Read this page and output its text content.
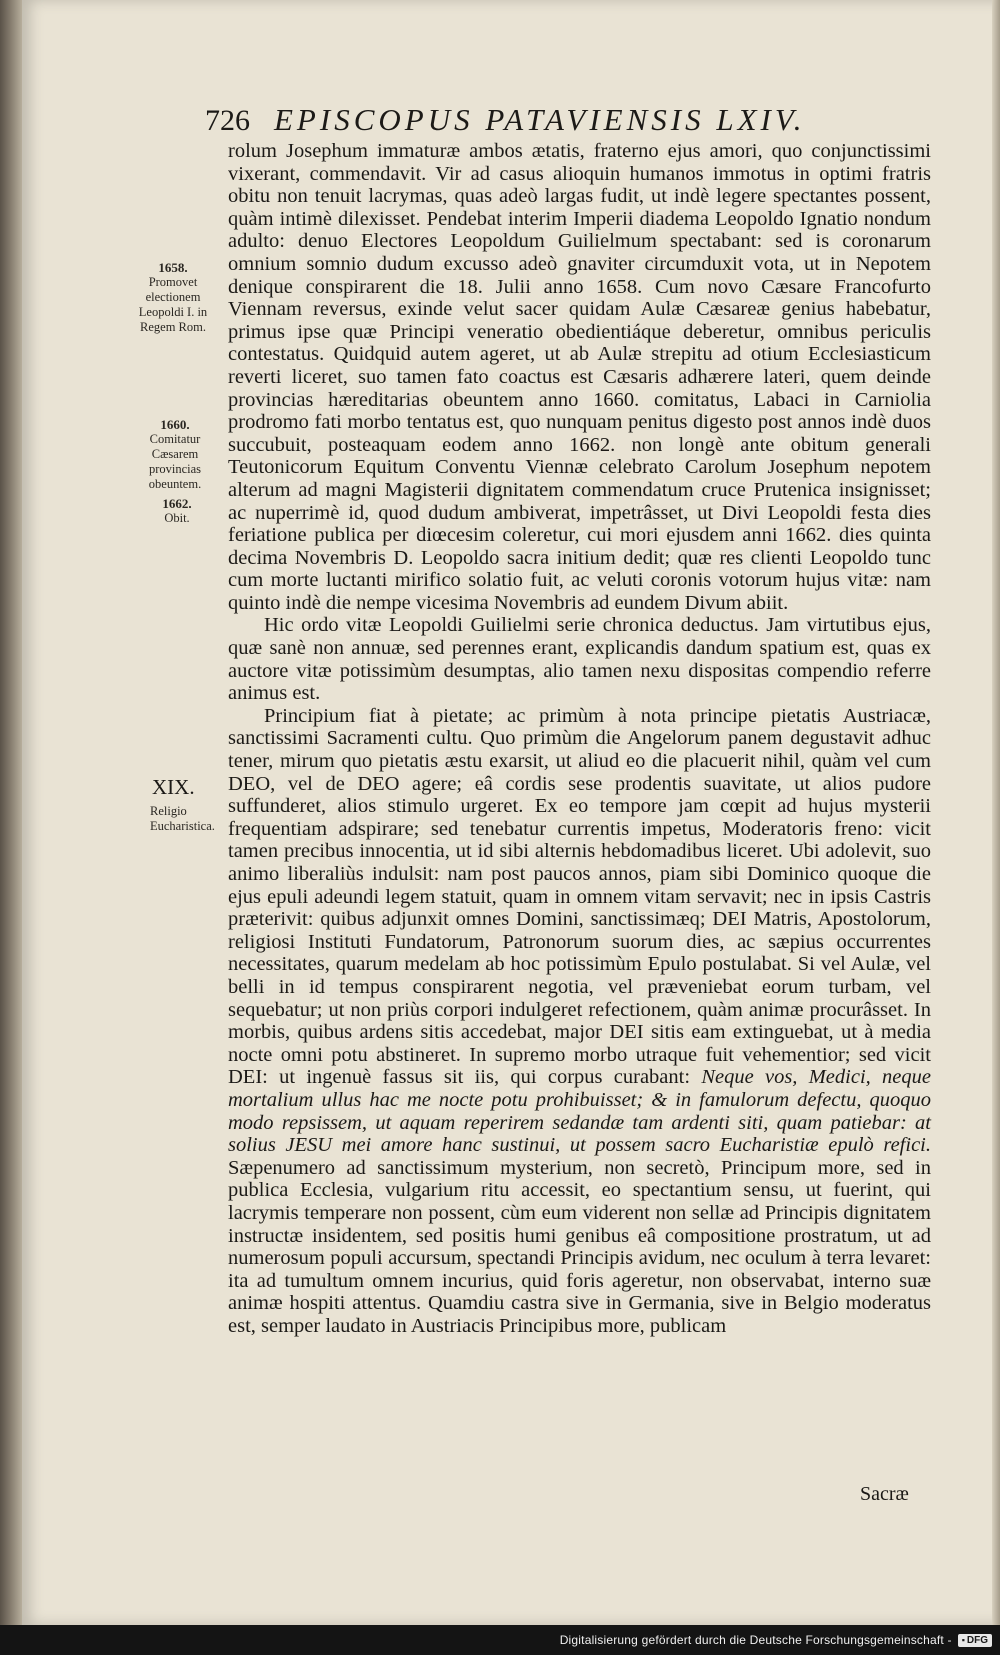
726 EPISCOPUS PATAVIENSIS LXIV.
1658.
Promovet electionem Leopoldi I. in Regem Rom.
1660.
Comitatur Cæsarem provincias obeuntem.
1662.
Obit.
XIX.
Religio Eucharistica.

rolum Josephum immaturæ ambos ætatis, fraterno ejus amori, quo conjunctissimi vixerant, commendavit. Vir ad casus alioquin humanos immotus in optimi fratris obitu non tenuit lacrymas, quas adeò largas fudit, ut indè legere spectantes possent, quàm intimè dilexisset. Pendebat interim Imperii diadema Leopoldo Ignatio nondum adulto: denuo Electores Leopoldum Guilielmum spectabant: sed is coronarum omnium somnio dudum excusso adeò gnaviter circumduxit vota, ut in Nepotem denique conspirarent die 18. Julii anno 1658. Cum novo Cæsare Francofurto Viennam reversus, exinde velut sacer quidam Aulæ Cæsareæ genius habebatur, primus ipse quæ Principi veneratio obedientiáque deberetur, omnibus periculis contestatus. Quidquid autem ageret, ut ab Aulæ strepitu ad otium Ecclesiasticum reverti liceret, suo tamen fato coactus est Cæsaris adhærere lateri, quem deinde provincias hæreditarias obeuntem anno 1660. comitatus, Labaci in Carniolia prodromo fati morbo tentatus est, quo nunquam penitus digesto post annos indè duos succubuit, posteaquam eodem anno 1662. non longè ante obitum generali Teutonicorum Equitum Conventu Viennæ celebrato Carolum Josephum nepotem alterum ad magni Magisterii dignitatem commendatum cruce Prutenica insignisset; ac nuperrimè id, quod dudum ambiverat, impetrâsset, ut Divi Leopoldi festa dies feriatione publica per diœcesim coleretur, cui mori ejusdem anni 1662. dies quinta decima Novembris D. Leopoldo sacra initium dedit; quæ res clienti Leopoldo tunc cum morte luctanti mirifico solatio fuit, ac veluti coronis votorum hujus vitæ: nam quinto indè die nempe vicesima Novembris ad eundem Divum abiit.

Hic ordo vitæ Leopoldi Guilielmi serie chronica deductus. Jam virtutibus ejus, quæ sanè non annuæ, sed perennes erant, explicandis dandum spatium est, quas ex auctore vitæ potissimùm desumptas, alio tamen nexu dispositas compendio referre animus est.

Principium fiat à pietate; ac primùm à nota principe pietatis Austriacæ, sanctissimi Sacramenti cultu. Quo primùm die Angelorum panem degustavit adhuc tener, mirum quo pietatis æstu exarsit, ut aliud eo die placuerit nihil, quàm vel cum DEO, vel de DEO agere; eâ cordis sese prodentis suavitate, ut alios pudore suffunderet, alios stimulo urgeret. Ex eo tempore jam cœpit ad hujus mysterii frequentiam adspirare; sed tenebatur currentis impetus, Moderatoris freno: vicit tamen precibus innocentia, ut id sibi alternis hebdomadibus liceret. Ubi adolevit, suo animo liberaliùs indulsit: nam post paucos annos, piam sibi Dominico quoque die ejus epuli adeundi legem statuit, quam in omnem vitam servavit; nec in ipsis Castris præterivit: quibus adjunxit omnes Domini, sanctissimæq; DEI Matris, Apostolorum, religiosi Instituti Fundatorum, Patronorum suorum dies, ac sæpius occurrentes necessitates, quarum medelam ab hoc potissimùm Epulo postulabat. Si vel Aulæ, vel belli in id tempus conspirarent negotia, vel præveniebat eorum turbam, vel sequebatur; ut non priùs corpori indulgeret refectionem, quàm animæ procurâsset. In morbis, quibus ardens sitis accedebat, major DEI sitis eam extinguebat, ut à media nocte omni potu abstineret. In supremo morbo utraque fuit vehementior; sed vicit DEI: ut ingenuè fassus sit iis, qui corpus curabant: Neque vos, Medici, neque mortalium ullus hac me nocte potu prohibuisset; & in famulorum defectu, quoquo modo repsissem, ut aquam reperirem sedandæ tam ardenti siti, quam patiebar: at solius JESU mei amore hanc sustinui, ut possem sacro Eucharistiæ epulò refici. Sæpenumero ad sanctissimum mysterium, non secretò, Principum more, sed in publica Ecclesia, vulgarium ritu accessit, eo spectantium sensu, ut fuerint, qui lacrymis temperare non possent, cùm eum viderent non sellæ ad Principis dignitatem instructæ insidentem, sed positis humi genibus eâ compositione prostratum, ut ad numerosum populi accursum, spectandi Principis avidum, nec oculum à terra levaret: ita ad tumultum omnem incurius, quid foris ageretur, non observabat, interno suæ animæ hospiti attentus. Quamdiu castra sive in Germania, sive in Belgio moderatus est, semper laudato in Austriacis Principibus more, publicam

Sacræ
Digitalisierung gefördert durch die Deutsche Forschungsgemeinschaft -
▪	DFG
